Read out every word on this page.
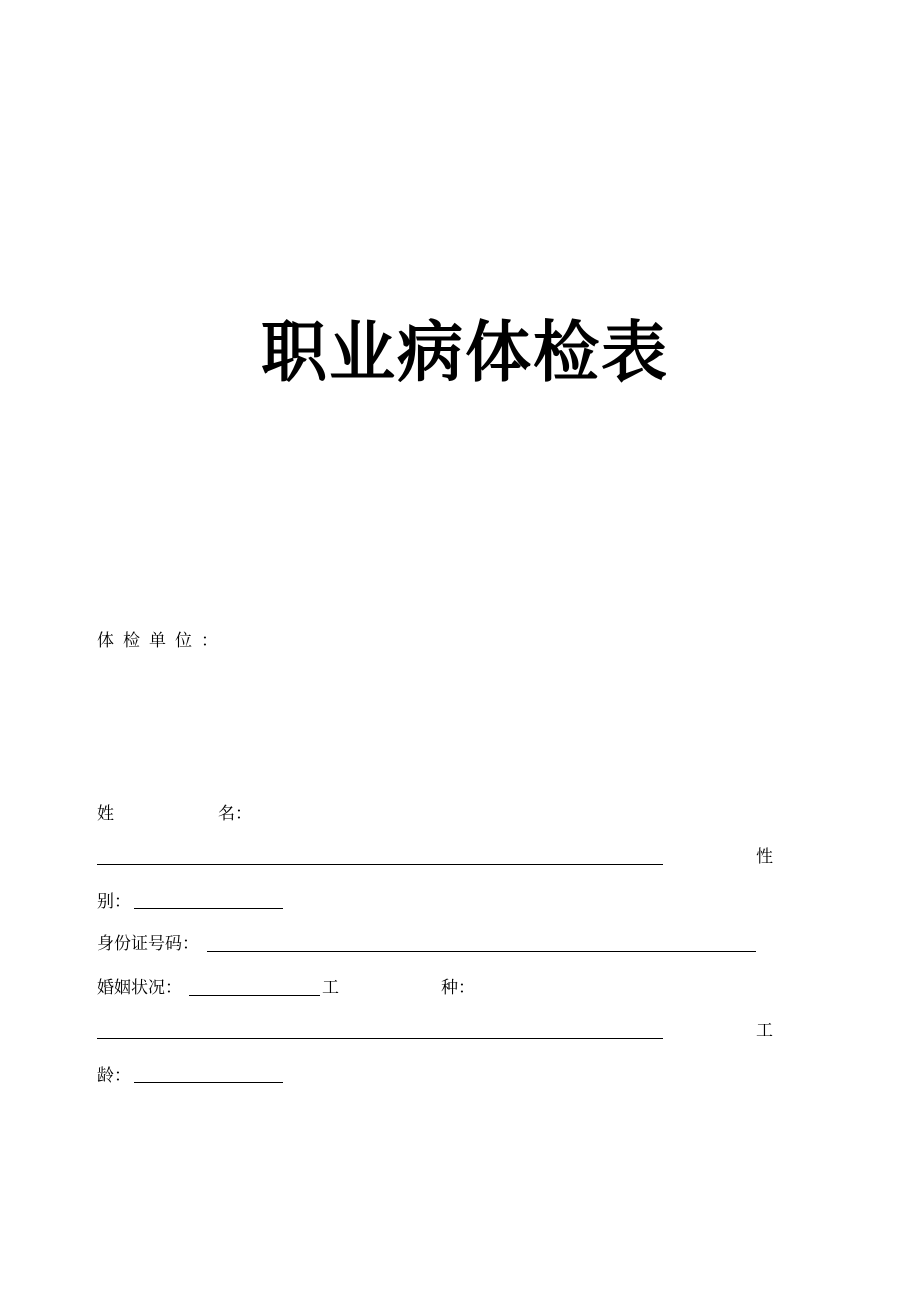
职业病体检表
体检单位：
姓	名：
性
别：
身份证号码：
婚姻状况：	工	种：
工
龄：
